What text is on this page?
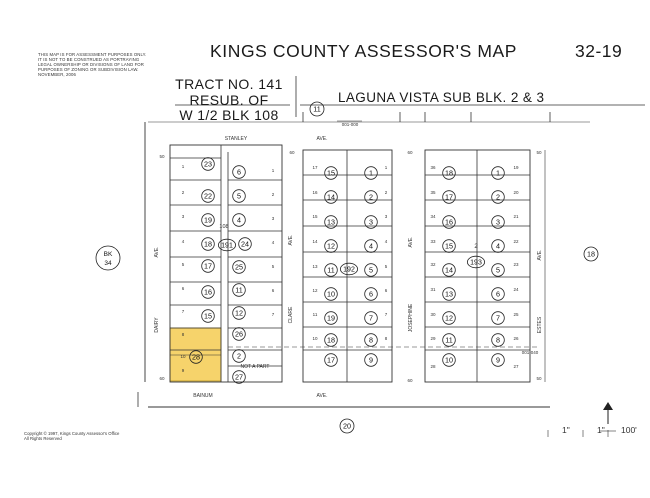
STANLEY	AVE.
BAINUM	AVE.
DAIRY
AVE.
CLARE
AVE.
JOSEPHINE
AVE.
ESTES
AVE.
BK
34
11
18
20
108
001-000
001-040
23
22
19
18
17
16
15
6
5
4
24
25
11
12
26
2
27
191
28
NOT A PART
15
14
13
12
11
10
19
18
17
1
2
3
4
5
6
7
8
9
192
18
17
16
15
14
13
12
11
10
1
2
3
4
5
6
7
8
9
193
1
2
3
4
5
6
7
8
10
9
1
2
3
4
5
6
7
17
16
15
14
13
12
11
10
1
2
3
4
5
6
7
8
36
35
34
33
32
31
30
29
28
19
20
21
22
23
24
25
26
27
2
50
60	60
60	60
50
50
THIS MAP IS FOR ASSESSMENT PURPOSES ONLY.
IT IS NOT TO BE CONSTRUED AS PORTRAYING
LEGAL OWNERSHIP OR DIVISIONS OF LAND FOR
PURPOSES OF ZONING OR SUBDIVISION LAW.
NOVEMBER, 2006
KINGS COUNTY ASSESSOR'S MAP	32-19
TRACT NO. 141
RESUB. OF
W 1/2 BLK 108
LAGUNA VISTA SUB BLK. 2 & 3
Copyright © 1997, Kings County Assessor's Office
All Rights Reserved
1"	1" 100'
